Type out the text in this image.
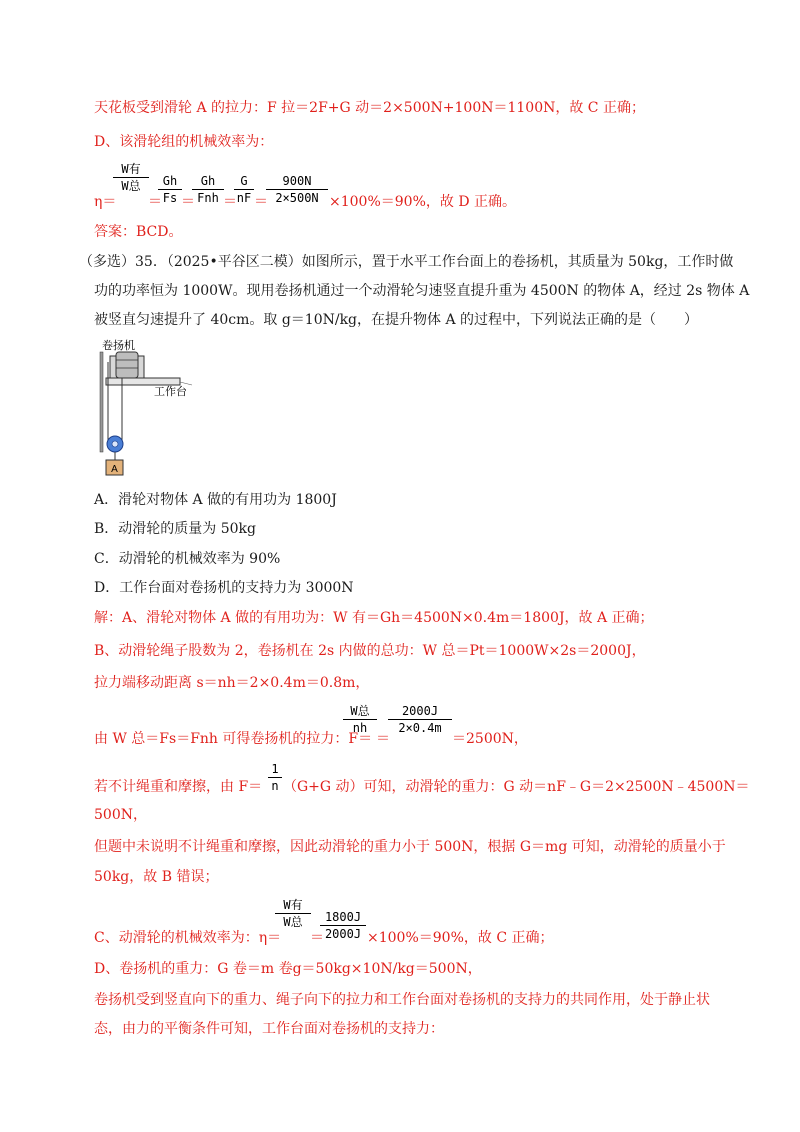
天花板受到滑轮 A 的拉力：F 拉＝2F+G 动＝2×500N+100N＝1100N，故 C 正确；
D、该滑轮组的机械效率为：
η＝
W有
W总
＝
Gh
Fs ＝
Gh
Fnh ＝
G
nF ＝
900N
2×500N ×100%＝90%，故 D 正确。
答案：BCD。
（多选）35．（2025•平谷区二模）如图所示，置于水平工作台面上的卷扬机，其质量为 50kg，工作时做
功的功率恒为 1000W。现用卷扬机通过一个动滑轮匀速竖直提升重为 4500N 的物体 A，经过 2s 物体 A
被竖直匀速提升了 40cm。取 g＝10N/kg，在提升物体 A 的过程中，下列说法正确的是（　　）
A
卷扬机
工作台
A．滑轮对物体 A 做的有用功为 1800J
B．动滑轮的质量为 50kg
C．动滑轮的机械效率为 90%
D．工作台面对卷扬机的支持力为 3000N
解：A、滑轮对物体 A 做的有用功为：W 有＝Gh＝4500N×0.4m＝1800J，故 A 正确；
B、动滑轮绳子股数为 2，卷扬机在 2s 内做的总功：W 总＝Pt＝1000W×2s＝2000J，
拉力端移动距离 s＝nh＝2×0.4m＝0.8m，
由 W 总＝Fs＝Fnh 可得卷扬机的拉力：F＝
W总
nh
＝
2000J
2×0.4m
＝2500N，
若不计绳重和摩擦，由 F＝
1
n （G+G 动）可知，动滑轮的重力：G 动＝nF﹣G＝2×2500N﹣4500N＝
500N，
但题中未说明不计绳重和摩擦，因此动滑轮的重力小于 500N，根据 G＝mg 可知，动滑轮的质量小于
50kg，故 B 错误；
C、动滑轮的机械效率为：η＝
W有
W总
＝
1800J
2000J ×100%＝90%，故 C 正确；
D、卷扬机的重力：G 卷＝m 卷g＝50kg×10N/kg＝500N，
卷扬机受到竖直向下的重力、绳子向下的拉力和工作台面对卷扬机的支持力的共同作用，处于静止状
态，由力的平衡条件可知，工作台面对卷扬机的支持力：
